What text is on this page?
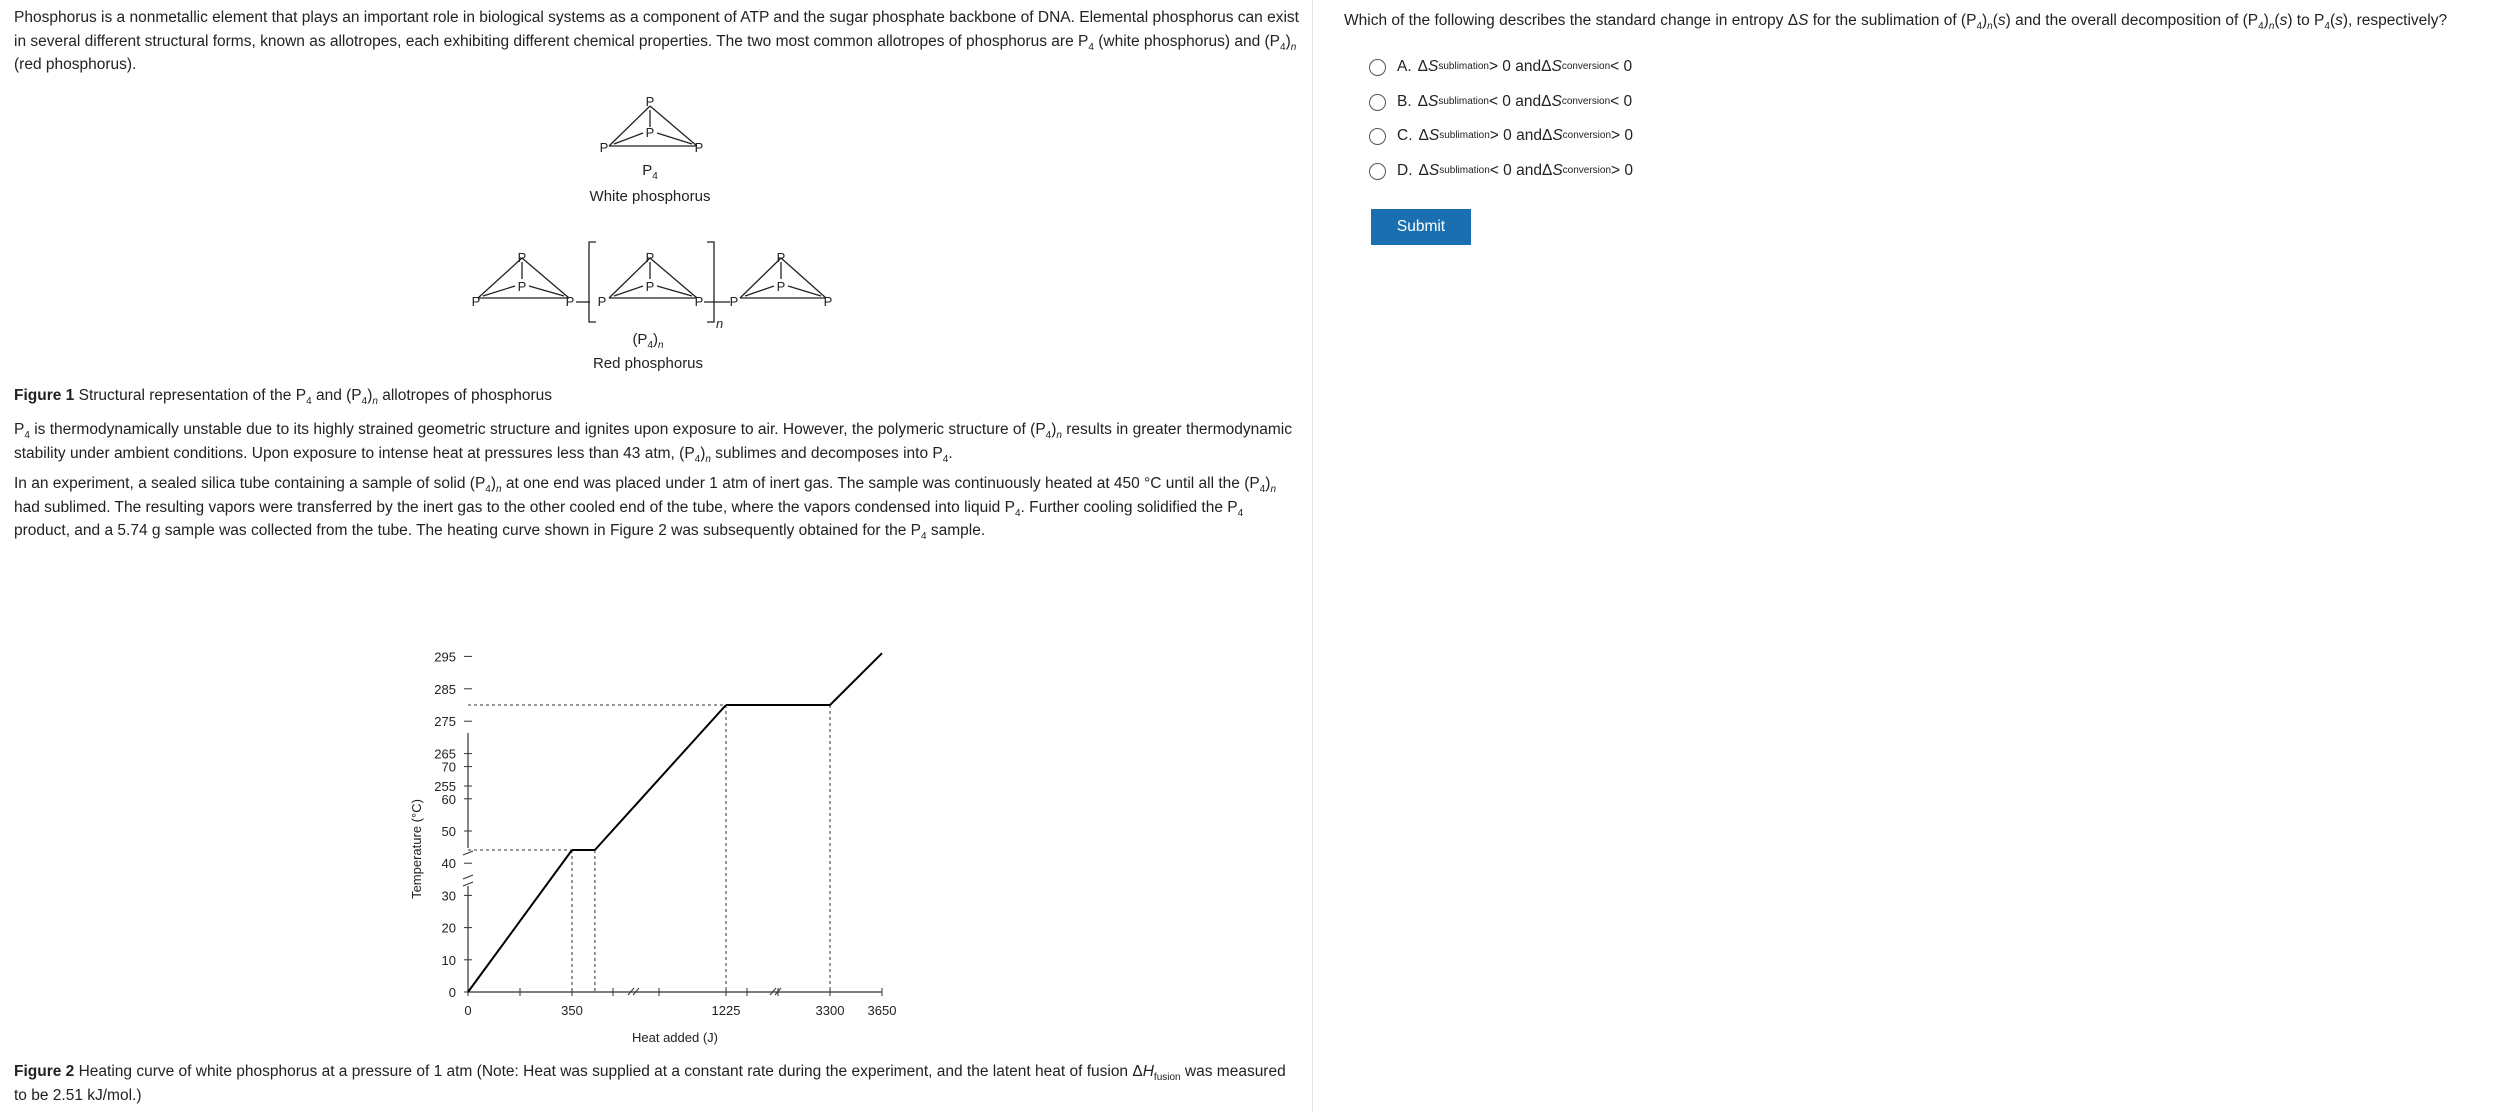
Phosphorus is a nonmetallic element that plays an important role in biological systems as a component of ATP and the sugar phosphate backbone of DNA. Elemental phosphorus can exist in several different structural forms, known as allotropes, each exhibiting different chemical properties. The two most common allotropes of phosphorus are $P_4$ (white phosphorus) and $(P_4)_n$ (red phosphorus).

P
P
P	P
P
P
P	P P
P
P
P P
P
P
P
n
$P_4$
White phosphorus
$(P_4)_n$
Red phosphorus

Figure 1 Structural representation of the $P_4$ and $(P_4)_n$ allotropes of phosphorus

$P_4$ is thermodynamically unstable due to its highly strained geometric structure and ignites upon exposure to air. However, the polymeric structure of $(P_4)_n$ results in greater thermodynamic stability under ambient conditions. Upon exposure to intense heat at pressures less than 43 atm, $(P_4)_n$ sublimes and decomposes into $P_4$.

In an experiment, a sealed silica tube containing a sample of solid $(P_4)_n$ at one end was placed under 1 atm of inert gas. The sample was continuously heated at 450 °C until all the $(P_4)_n$ had sublimed. The resulting vapors were transferred by the inert gas to the other cooled end of the tube, where the vapors condensed into liquid $P_4$. Further cooling solidified the $P_4$ product, and a 5.74 g sample was collected from the tube. The heating curve shown in Figure 2 was subsequently obtained for the $P_4$ sample.

0
10
20
30
40
50
60
70
255
265
275
285
295
0	350	1225	3300 3650
Heat added (J)
Temperature (°C)

Figure 2 Heating curve of white phosphorus at a pressure of 1 atm (Note: Heat was supplied at a constant rate during the experiment, and the latent heat of fusion $\Delta H_{fusion}$ was measured to be 2.51 kJ/mol.)

Which of the following describes the standard change in entropy ΔS for the sublimation of $(P_4)_n(s)$ and the overall decomposition of $(P_4)_n(s)$ to $P_4(s)$, respectively?
A. Δ S sublimation > 0 and Δ S conversion < 0
B. Δ S sublimation < 0 and Δ S conversion < 0
C. Δ S sublimation > 0 and Δ S conversion > 0
D. Δ S sublimation < 0 and Δ S conversion > 0
Submit
